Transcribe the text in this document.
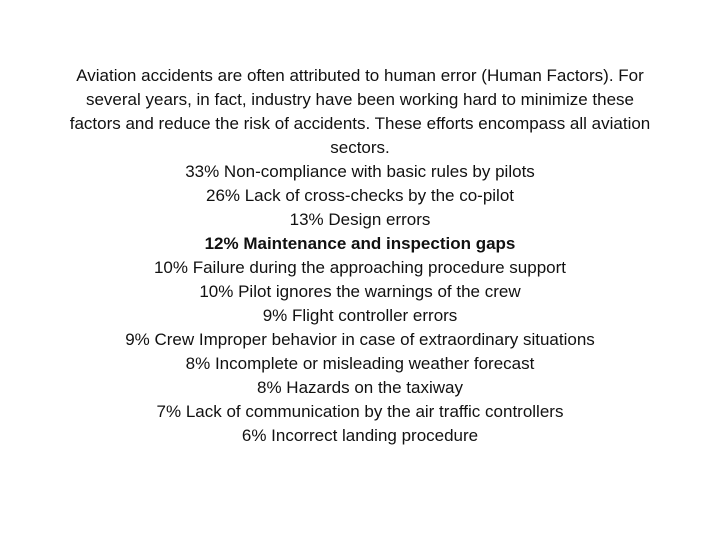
Aviation accidents are often attributed to human error (Human Factors). For several years, in fact, industry have been working hard to minimize these factors and reduce the risk of accidents. These efforts encompass all aviation sectors.

33% Non-compliance with basic rules by pilots
26% Lack of cross-checks by the co-pilot
13% Design errors
12% Maintenance and inspection gaps
10% Failure during the approaching procedure support
10% Pilot ignores the warnings of the crew
9% Flight controller errors
9% Crew Improper behavior in case of extraordinary situations
8% Incomplete or misleading weather forecast
8% Hazards on the taxiway
7% Lack of communication by the air traffic controllers
6% Incorrect landing procedure
